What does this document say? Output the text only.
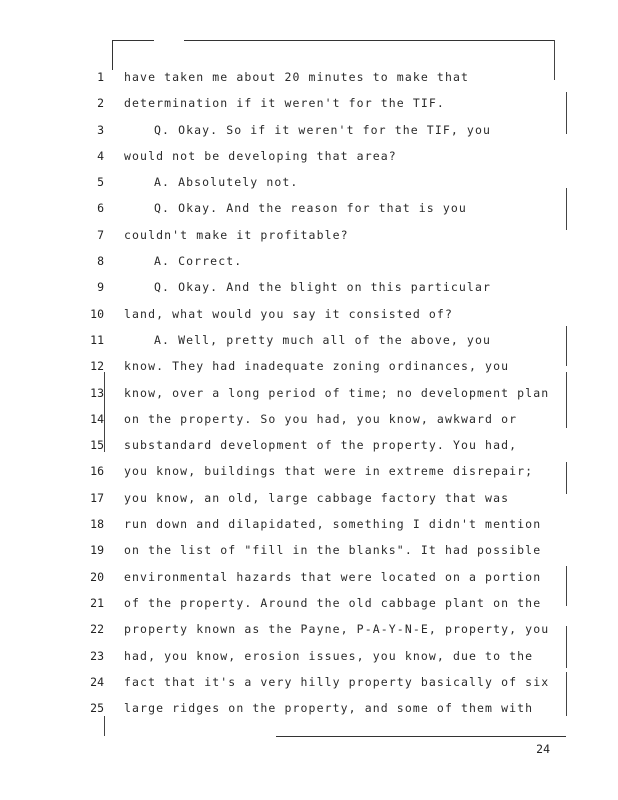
1
2
3
4
5
6
7
8
9
10
11
12
13
14
15
16
17
18
19
20
21
22
23
24
25
have taken me about 20 minutes to make that
determination if it weren't for the TIF.
Q. Okay. So if it weren't for the TIF, you
would not be developing that area?
A. Absolutely not.
Q. Okay. And the reason for that is you
couldn't make it profitable?
A. Correct.
Q. Okay. And the blight on this particular
land, what would you say it consisted of?
A. Well, pretty much all of the above, you
know. They had inadequate zoning ordinances, you
know, over a long period of time; no development plan
on the property. So you had, you know, awkward or
substandard development of the property. You had,
you know, buildings that were in extreme disrepair;
you know, an old, large cabbage factory that was
run down and dilapidated, something I didn't mention
on the list of "fill in the blanks". It had possible
environmental hazards that were located on a portion
of the property. Around the old cabbage plant on the
property known as the Payne, P-A-Y-N-E, property, you
had, you know, erosion issues, you know, due to the
fact that it's a very hilly property basically of six
large ridges on the property, and some of them with
24
